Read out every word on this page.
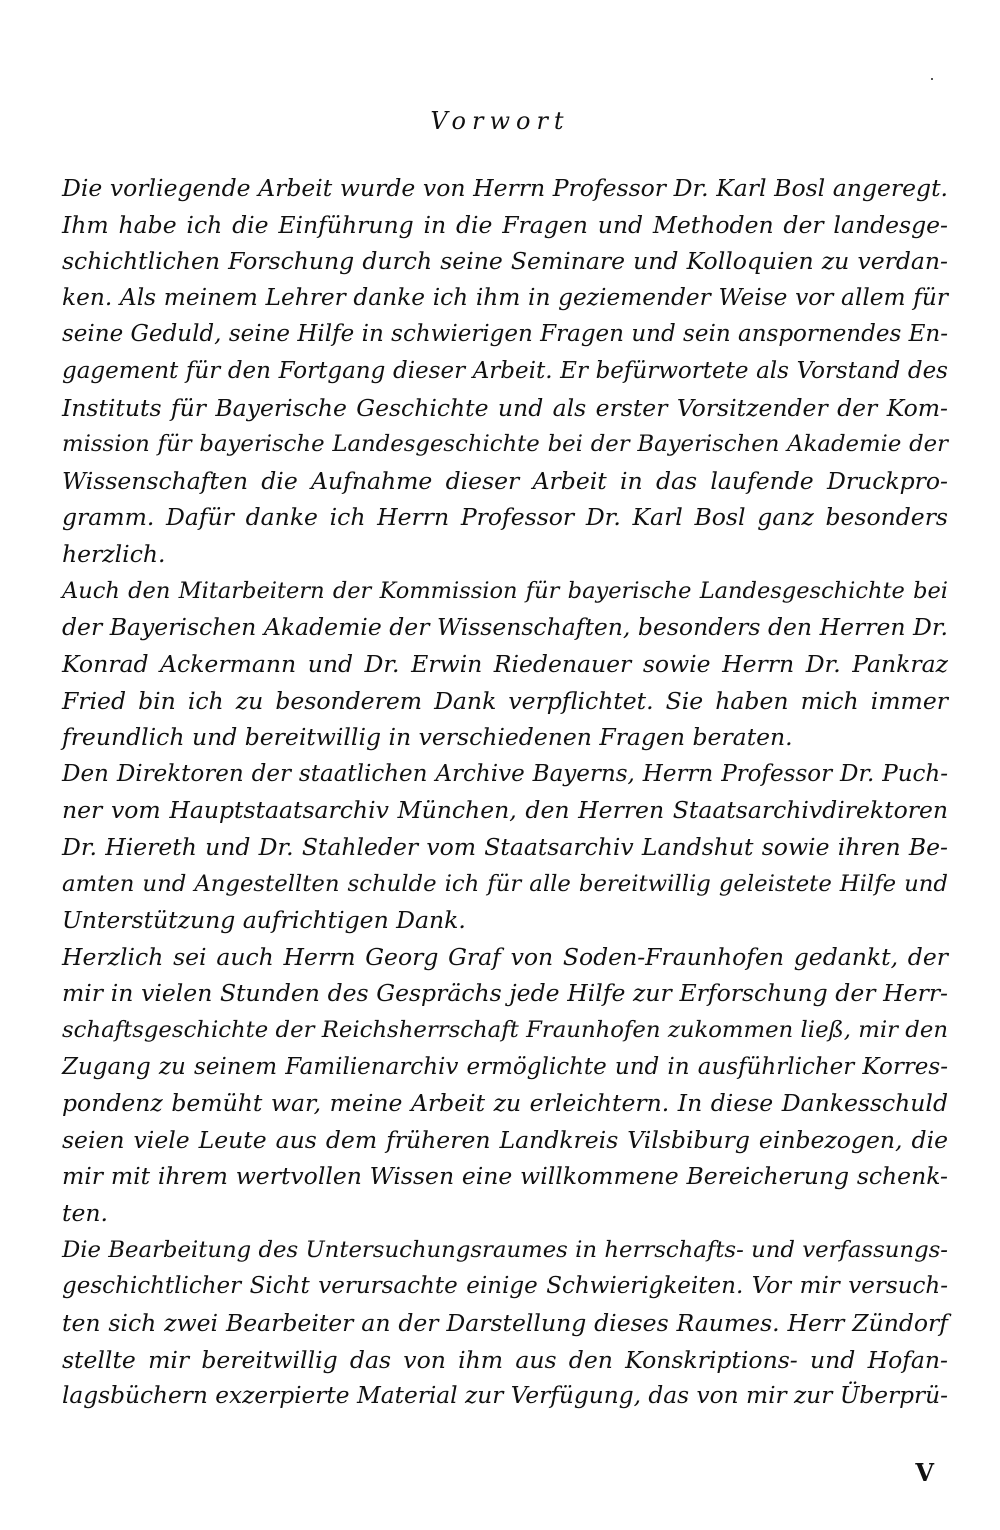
Vorwort
Die vorliegende Arbeit wurde von Herrn Professor Dr. Karl Bosl angeregt.
Ihm habe ich die Einführung in die Fragen und Methoden der landesge-
schichtlichen Forschung durch seine Seminare und Kolloquien zu verdan-
ken. Als meinem Lehrer danke ich ihm in geziemender Weise vor allem für
seine Geduld, seine Hilfe in schwierigen Fragen und sein anspornendes En-
gagement für den Fortgang dieser Arbeit. Er befürwortete als Vorstand des
Instituts für Bayerische Geschichte und als erster Vorsitzender der Kom-
mission für bayerische Landesgeschichte bei der Bayerischen Akademie der
Wissenschaften die Aufnahme dieser Arbeit in das laufende Druckpro-
gramm. Dafür danke ich Herrn Professor Dr. Karl Bosl ganz besonders
herzlich.
Auch den Mitarbeitern der Kommission für bayerische Landesgeschichte bei
der Bayerischen Akademie der Wissenschaften, besonders den Herren Dr.
Konrad Ackermann und Dr. Erwin Riedenauer sowie Herrn Dr. Pankraz
Fried bin ich zu besonderem Dank verpflichtet. Sie haben mich immer
freundlich und bereitwillig in verschiedenen Fragen beraten.
Den Direktoren der staatlichen Archive Bayerns, Herrn Professor Dr. Puch-
ner vom Hauptstaatsarchiv München, den Herren Staatsarchivdirektoren
Dr. Hiereth und Dr. Stahleder vom Staatsarchiv Landshut sowie ihren Be-
amten und Angestellten schulde ich für alle bereitwillig geleistete Hilfe und
Unterstützung aufrichtigen Dank.
Herzlich sei auch Herrn Georg Graf von Soden-Fraunhofen gedankt, der
mir in vielen Stunden des Gesprächs jede Hilfe zur Erforschung der Herr-
schaftsgeschichte der Reichsherrschaft Fraunhofen zukommen ließ, mir den
Zugang zu seinem Familienarchiv ermöglichte und in ausführlicher Korres-
pondenz bemüht war, meine Arbeit zu erleichtern. In diese Dankesschuld
seien viele Leute aus dem früheren Landkreis Vilsbiburg einbezogen, die
mir mit ihrem wertvollen Wissen eine willkommene Bereicherung schenk-
ten.
Die Bearbeitung des Untersuchungsraumes in herrschafts- und verfassungs-
geschichtlicher Sicht verursachte einige Schwierigkeiten. Vor mir versuch-
ten sich zwei Bearbeiter an der Darstellung dieses Raumes. Herr Zündorf
stellte mir bereitwillig das von ihm aus den Konskriptions- und Hofan-
lagsbüchern exzerpierte Material zur Verfügung, das von mir zur Überprü-
V
